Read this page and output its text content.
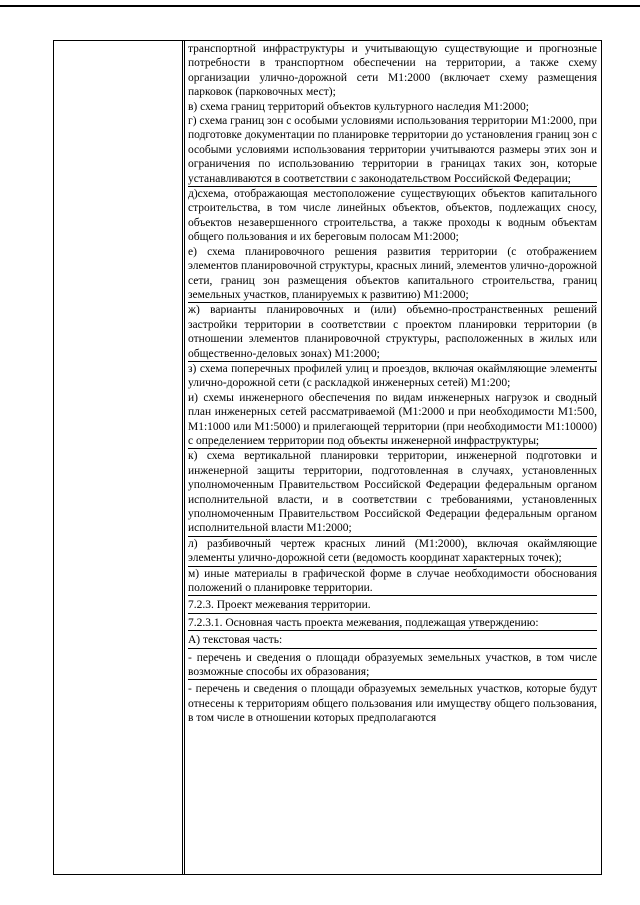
транспортной инфраструктуры и учитывающую существующие и прогнозные потребности в транспортном обеспечении на территории, а также схему организации улично-дорожной сети М1:2000 (включает схему размещения парковок (парковочных мест);

в) схема границ территорий объектов культурного наследия М1:2000;

г) схема границ зон с особыми условиями использования территории М1:2000, при подготовке документации по планировке территории до установления границ зон с особыми условиями использования территории учитываются размеры этих зон и ограничения по использованию территории в границах таких зон, которые устанавливаются в соответствии с законодательством Российской Федерации;

д)схема, отображающая местоположение существующих объектов капитального строительства, в том числе линейных объектов, объектов, подлежащих сносу, объектов незавершенного строительства, а также проходы к водным объектам общего пользования и их береговым полосам М1:2000;

е) схема планировочного решения развития территории (с отображением элементов планировочной структуры, красных линий, элементов улично-дорожной сети, границ зон размещения объектов капитального строительства, границ земельных участков, планируемых к развитию) М1:2000;

ж) варианты планировочных и (или) объемно-пространственных решений застройки территории в соответствии с проектом планировки территории (в отношении элементов планировочной структуры, расположенных в жилых или общественно-деловых зонах) М1:2000;

з) схема поперечных профилей улиц и проездов, включая окаймляющие элементы улично-дорожной сети (с раскладкой инженерных сетей) М1:200;

и) схемы инженерного обеспечения по видам инженерных нагрузок и сводный план инженерных сетей рассматриваемой (М1:2000 и при необходимости М1:500, М1:1000 или М1:5000) и прилегающей территории (при необходимости М1:10000) с определением территории под объекты инженерной инфраструктуры;

к) схема вертикальной планировки территории, инженерной подготовки и инженерной защиты территории, подготовленная в случаях, установленных уполномоченным Правительством Российской Федерации федеральным органом исполнительной власти, и в соответствии с требованиями, установленных уполномоченным Правительством Российской Федерации федеральным органом исполнительной власти М1:2000;

л) разбивочный чертеж красных линий (М1:2000), включая окаймляющие элементы улично-дорожной сети (ведомость координат характерных точек);

м) иные материалы в графической форме в случае необходимости обоснования положений о планировке территории.

7.2.3. Проект межевания территории.

7.2.3.1. Основная часть проекта межевания, подлежащая утверждению:

А) текстовая часть:

- перечень и сведения о площади образуемых земельных участков, в том числе возможные способы их образования;

- перечень и сведения о площади образуемых земельных участков, которые будут отнесены к территориям общего пользования или имуществу общего пользования, в том числе в отношении которых предполагаются
